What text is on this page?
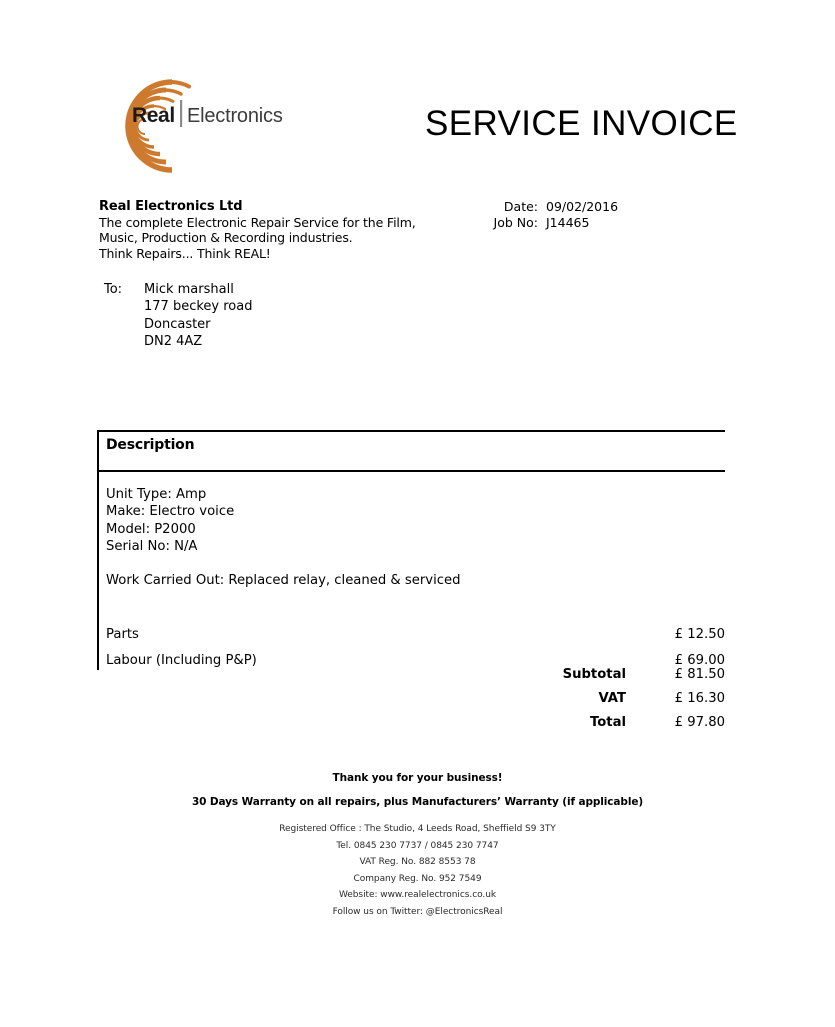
Real Electronics	SERVICE INVOICE
Real Electronics Ltd
The complete Electronic Repair Service for the Film,
Music, Production & Recording industries.
Think Repairs... Think REAL!
Date: 09/02/2016
Job No: J14465
To:	Mick marshall
177 beckey road
Doncaster
DN2 4AZ
Description
Unit Type: Amp
Make: Electro voice
Model: P2000
Serial No: N/A
Work Carried Out: Replaced relay, cleaned & serviced
Parts	£ 12.50
Labour (Including P&P)	£ 69.00
Subtotal	£ 81.50
VAT	£ 16.30
Total	£ 97.80
Thank you for your business!
30 Days Warranty on all repairs, plus Manufacturers’ Warranty (if applicable)
Registered Office : The Studio, 4 Leeds Road, Sheffield S9 3TY
Tel. 0845 230 7737 / 0845 230 7747
VAT Reg. No. 882 8553 78
Company Reg. No. 952 7549
Website: www.realelectronics.co.uk
Follow us on Twitter: @ElectronicsReal
